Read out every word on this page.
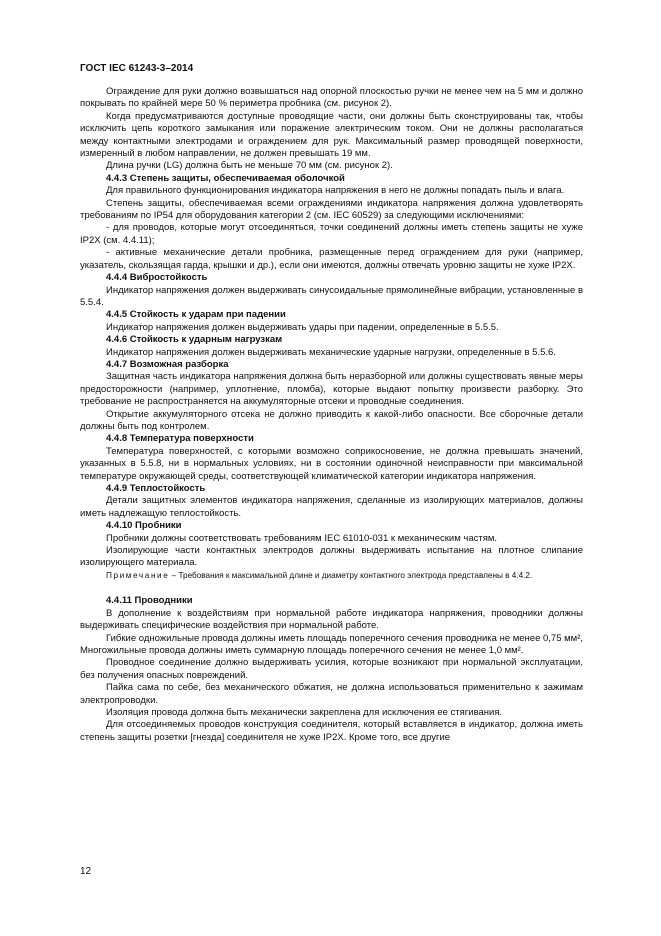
ГОСТ IEC 61243-3–2014

Ограждение для руки должно возвышаться над опорной плоскостью ручки не менее чем на 5 мм и должно покрывать по крайней мере 50 % периметра пробника (см. рисунок 2).

Когда предусматриваются доступные проводящие части, они должны быть сконструированы так, чтобы исключить цепь короткого замыкания или поражение электрическим током. Они не должны располагаться между контактными электродами и ограждением для рук. Максимальный размер проводящей поверхности, измеренный в любом направлении, не должен превышать 19 мм.

Длина ручки (LG) должна быть не меньше 70 мм (см. рисунок 2).

4.4.3 Степень защиты, обеспечиваемая оболочкой

Для правильного функционирования индикатора напряжения в него не должны попадать пыль и влага.

Степень защиты, обеспечиваемая всеми ограждениями индикатора напряжения должна удовлетворять требованиям по IP54 для оборудования категории 2 (см. IEC 60529) за следующими исключениями:

- для проводов, которые могут отсоединяться, точки соединений должны иметь степень защиты не хуже IP2X (см. 4.4.11);

- активные механические детали пробника, размещенные перед ограждением для руки (например, указатель, скользящая гарда, крышки и др.), если они имеются, должны отвечать уровню защиты не хуже IP2X.

4.4.4 Вибростойкость

Индикатор напряжения должен выдерживать синусоидальные прямолинейные вибрации, установленные в 5.5.4.

4.4.5 Стойкость к ударам при падении

Индикатор напряжения должен выдерживать удары при падении, определенные в 5.5.5.

4.4.6 Стойкость к ударным нагрузкам

Индикатор напряжения должен выдерживать механические ударные нагрузки, определенные в 5.5.6.

4.4.7 Возможная разборка

Защитная часть индикатора напряжения должна быть неразборной или должны существовать явные меры предосторожности (например, уплотнение, пломба), которые выдают попытку произвести разборку. Это требование не распространяется на аккумуляторные отсеки и проводные соединения.

Открытие аккумуляторного отсека не должно приводить к какой-либо опасности. Все сборочные детали должны быть под контролем.

4.4.8 Температура поверхности

Температура поверхностей, с которыми возможно соприкосновение, не должна превышать значений, указанных в 5.5.8, ни в нормальных условиях, ни в состоянии одиночной неисправности при максимальной температуре окружающей среды, соответствующей климатической категории индикатора напряжения.

4.4.9 Теплостойкость

Детали защитных элементов индикатора напряжения, сделанные из изолирующих материалов, должны иметь надлежащую теплостойкость.

4.4.10 Пробники

Пробники должны соответствовать требованиям IEC 61010-031 к механическим частям.

Изолирующие части контактных электродов должны выдерживать испытание на плотное слипание изолирующего материала.

Примечание – Требования к максимальной длине и диаметру контактного электрода представлены в 4.4.2.

4.4.11 Проводники

В дополнение к воздействиям при нормальной работе индикатора напряжения, проводники должны выдерживать специфические воздействия при нормальной работе.

Гибкие одножильные провода должны иметь площадь поперечного сечения проводника не менее 0,75 мм², Многожильные провода должны иметь суммарную площадь поперечного сечения не менее 1,0 мм².

Проводное соединение должно выдерживать усилия, которые возникают при нормальной эксплуатации, без получения опасных повреждений.

Пайка сама по себе, без механического обжатия, не должна использоваться применительно к зажимам электропроводки.

Изоляция провода должна быть механически закреплена для исключения ее стягивания.

Для отсоединяемых проводов конструкция соединителя, который вставляется в индикатор, должна иметь степень защиты розетки [гнезда] соединителя не хуже IP2X. Кроме того, все другие

12
